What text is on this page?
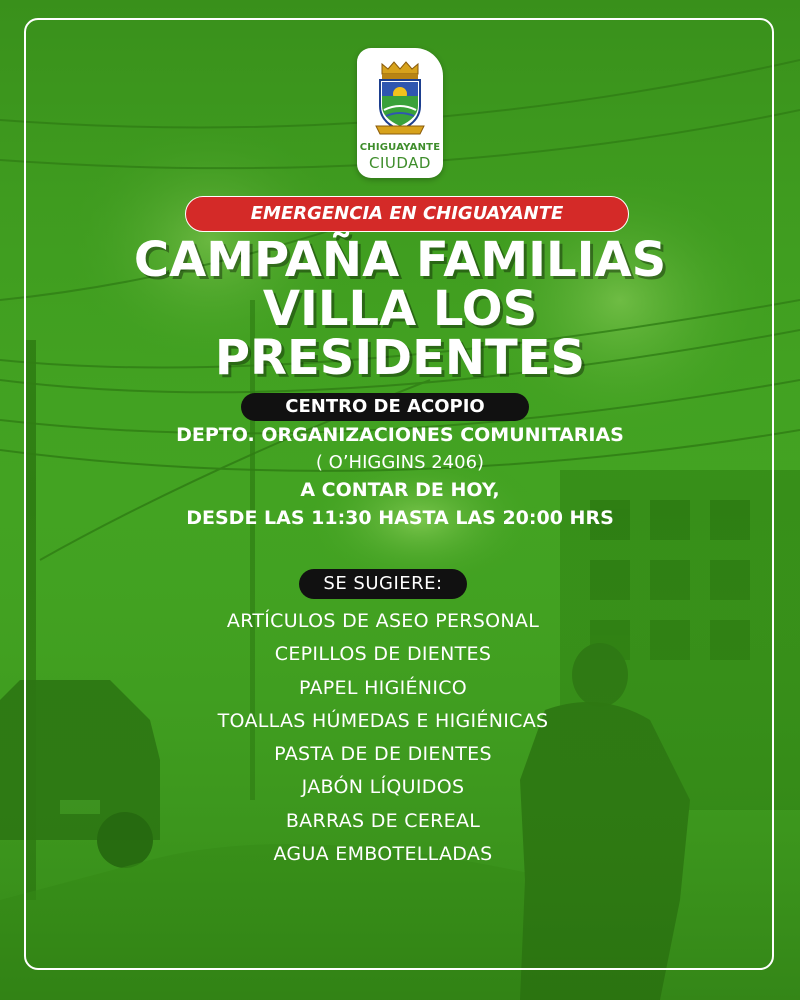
CHIGUAYANTE
CIUDAD
EMERGENCIA EN CHIGUAYANTE
CAMPAÑA FAMILIAS
VILLA LOS
PRESIDENTES
CENTRO DE ACOPIO
DEPTO. ORGANIZACIONES COMUNITARIAS
( O’HIGGINS 2406)
A CONTAR DE HOY,
DESDE LAS 11:30 HASTA LAS 20:00 HRS
SE SUGIERE:
ARTÍCULOS DE ASEO PERSONAL
CEPILLOS DE DIENTES
PAPEL HIGIÉNICO
TOALLAS HÚMEDAS E HIGIÉNICAS
PASTA DE DE DIENTES
JABÓN LÍQUIDOS
BARRAS DE CEREAL
AGUA EMBOTELLADAS
